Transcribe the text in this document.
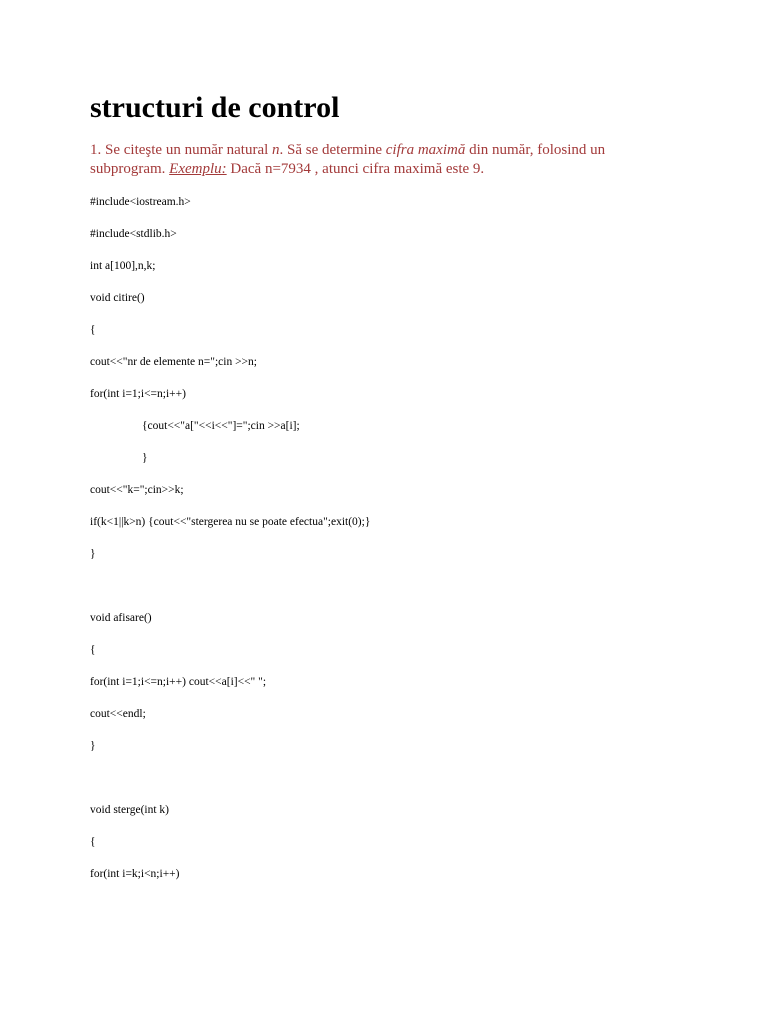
structuri de control

1. Se citeşte un număr natural n. Să se determine cifra maximă din număr, folosind un
subprogram. Exemplu: Dacă n=7934 , atunci cifra maximă este 9.

#include<iostream.h>
#include<stdlib.h>
int a[100],n,k;
void citire()
{
cout<<"nr de elemente n=";cin >>n;
for(int i=1;i<=n;i++)
{cout<<"a["<<i<<"]=";cin >>a[i];
}
cout<<"k=";cin>>k;
if(k<1||k>n) {cout<<"stergerea nu se poate efectua";exit(0);}
}
void afisare()
{
for(int i=1;i<=n;i++) cout<<a[i]<<" ";
cout<<endl;
}
void sterge(int k)
{
for(int i=k;i<n;i++)
